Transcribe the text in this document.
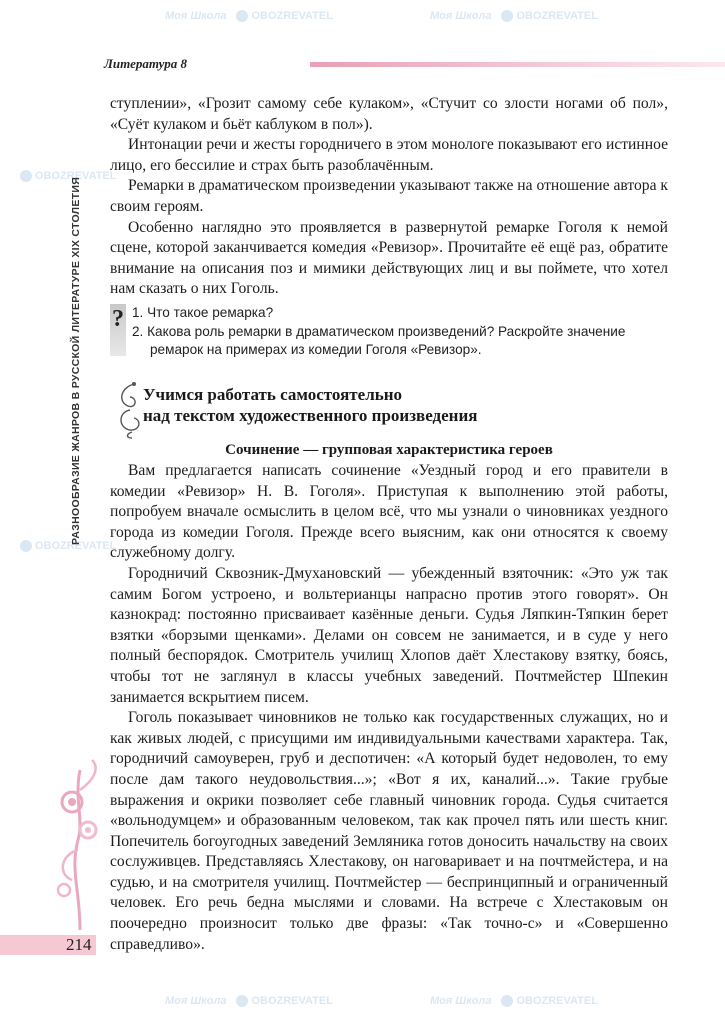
Моя Школа OBOZREVATEL	Моя Школа OBOZREVATEL
OBOZREVATEL
OBOZREVATEL
Моя Школа OBOZREVATEL	Моя Школа OBOZREVATEL
Литература 8
РАЗНООБРАЗИЕ ЖАНРОВ В РУССКОЙ ЛИТЕРАТУРЕ XIX СТОЛЕТИЯ

ступлении», «Грозит самому себе кулаком», «Стучит со злости ногами об пол», «Суёт кулаком и бьёт каблуком в пол»).

Интонации речи и жесты городничего в этом монологе показывают его истинное лицо, его бессилие и страх быть разоблачённым.

Ремарки в драматическом произведении указывают также на отношение автора к своим героям.

Особенно наглядно это проявляется в развернутой ремарке Гоголя к немой сцене, которой заканчивается комедия «Ревизор». Прочитайте её ещё раз, обратите внимание на описания поз и мимики действующих лиц и вы поймете, что хотел нам сказать о них Гоголь.

? 1. Что такое ремарка?
2. Какова роль ремарки в драматическом произведений? Раскройте значение
ремарок на примерах из комедии Гоголя «Ревизор».
Учимся работать самостоятельно
над текстом художественного произведения
Сочинение — групповая характеристика героев

Вам предлагается написать сочинение «Уездный город и его правители в комедии «Ревизор» Н. В. Гоголя». Приступая к выполнению этой работы, попробуем вначале осмыслить в целом всё, что мы узнали о чиновниках уездного города из комедии Гоголя. Прежде всего выясним, как они относятся к своему служебному долгу.

Городничий Сквозник-Дмухановский — убежденный взяточник: «Это уж так самим Богом устроено, и вольтерианцы напрасно против этого говорят». Он казнокрад: постоянно присваивает казённые деньги. Судья Ляпкин-Тяпкин берет взятки «борзыми щенками». Делами он совсем не занимается, и в суде у него полный беспорядок. Смотритель училищ Хлопов даёт Хлестакову взятку, боясь, чтобы тот не заглянул в классы учебных заведений. Почтмейстер Шпекин занимается вскрытием писем.

Гоголь показывает чиновников не только как государственных служащих, но и как живых людей, с присущими им индивидуальными качествами характера. Так, городничий самоуверен, груб и деспотичен: «А который будет недоволен, то ему после дам такого неудовольствия...»; «Вот я их, каналий...». Такие грубые выражения и окрики позволяет себе главный чиновник города. Судья считается «вольнодумцем» и образованным человеком, так как прочел пять или шесть книг. Попечитель богоугодных заведений Земляника готов доносить начальству на своих сослуживцев. Представляясь Хлестакову, он наговаривает и на почтмейстера, и на судью, и на смотрителя училищ. Почтмейстер — беспринципный и ограниченный человек. Его речь бедна мыслями и словами. На встрече с Хлестаковым он поочередно произносит только две фразы: «Так точно-с» и «Совершенно справедливо».

214
